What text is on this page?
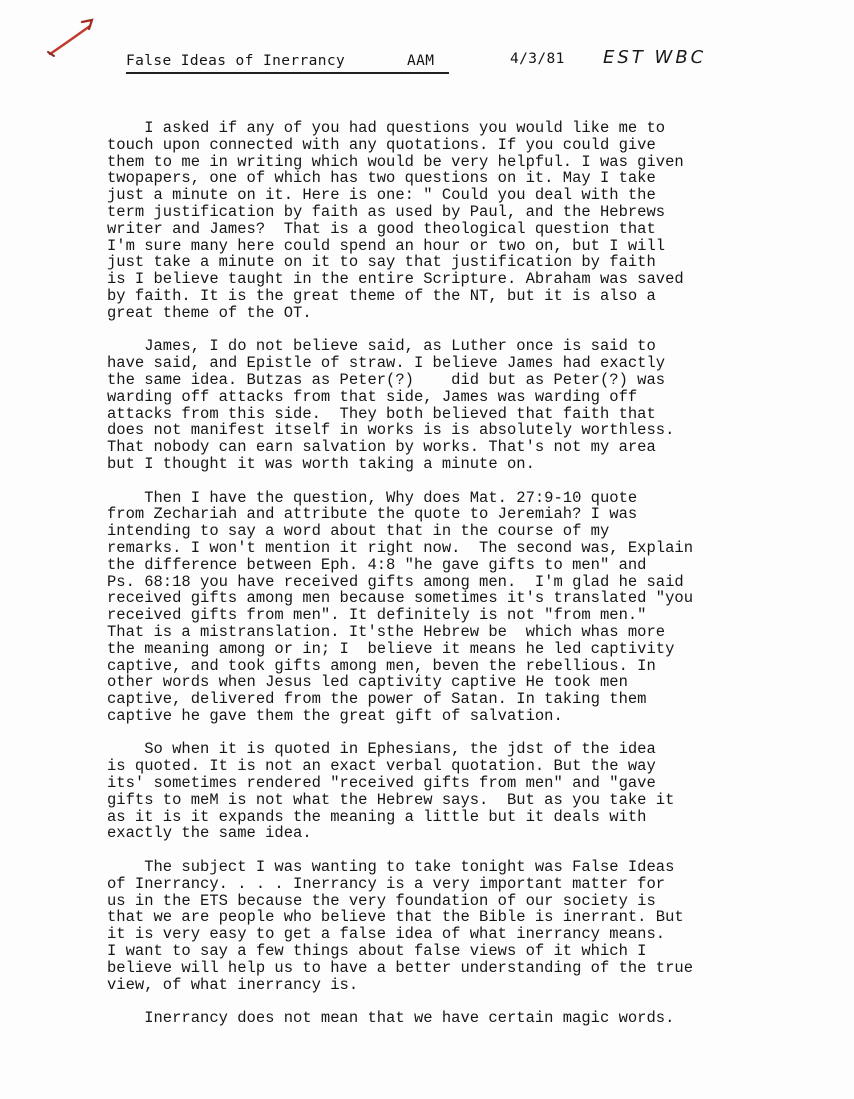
False Ideas of Inerrancy	AAM	4/3/81 EST WBC
I asked if any of you had questions you would like me to
touch upon connected with any quotations. If you could give
them to me in writing which would be very helpful. I was given
twopapers, one of which has two questions on it. May I take
just a minute on it. Here is one: " Could you deal with the
term justification by faith as used by Paul, and the Hebrews
writer and James?  That is a good theological question that
I'm sure many here could spend an hour or two on, but I will
just take a minute on it to say that justification by faith
is I believe taught in the entire Scripture. Abraham was saved
by faith. It is the great theme of the NT, but it is also a
great theme of the OT.
James, I do not believe said, as Luther once is said to
have said, and Epistle of straw. I believe James had exactly
the same idea. Butzas as Peter(?)    did but as Peter(?) was
warding off attacks from that side, James was warding off
attacks from this side.  They both believed that faith that
does not manifest itself in works is is absolutely worthless.
That nobody can earn salvation by works. That's not my area
but I thought it was worth taking a minute on.
Then I have the question, Why does Mat. 27:9-10 quote
from Zechariah and attribute the quote to Jeremiah? I was
intending to say a word about that in the course of my
remarks. I won't mention it right now.  The second was, Explain
the difference between Eph. 4:8 "he gave gifts to men" and
Ps. 68:18 you have received gifts among men.  I'm glad he said
received gifts among men because sometimes it's translated "you
received gifts from men". It definitely is not "from men."
That is a mistranslation. It'sthe Hebrew be  which whas more
the meaning among or in; I  believe it means he led captivity
captive, and took gifts among men, beven the rebellious. In
other words when Jesus led captivity captive He took men
captive, delivered from the power of Satan. In taking them
captive he gave them the great gift of salvation.
So when it is quoted in Ephesians, the jdst of the idea
is quoted. It is not an exact verbal quotation. But the way
its' sometimes rendered "received gifts from men" and "gave
gifts to meM is not what the Hebrew says.  But as you take it
as it is it expands the meaning a little but it deals with
exactly the same idea.
The subject I was wanting to take tonight was False Ideas
of Inerrancy. . . . Inerrancy is a very important matter for
us in the ETS because the very foundation of our society is
that we are people who believe that the Bible is inerrant. But
it is very easy to get a false idea of what inerrancy means.
I want to say a few things about false views of it which I
believe will help us to have a better understanding of the true
view, of what inerrancy is.
Inerrancy does not mean that we have certain magic words.
